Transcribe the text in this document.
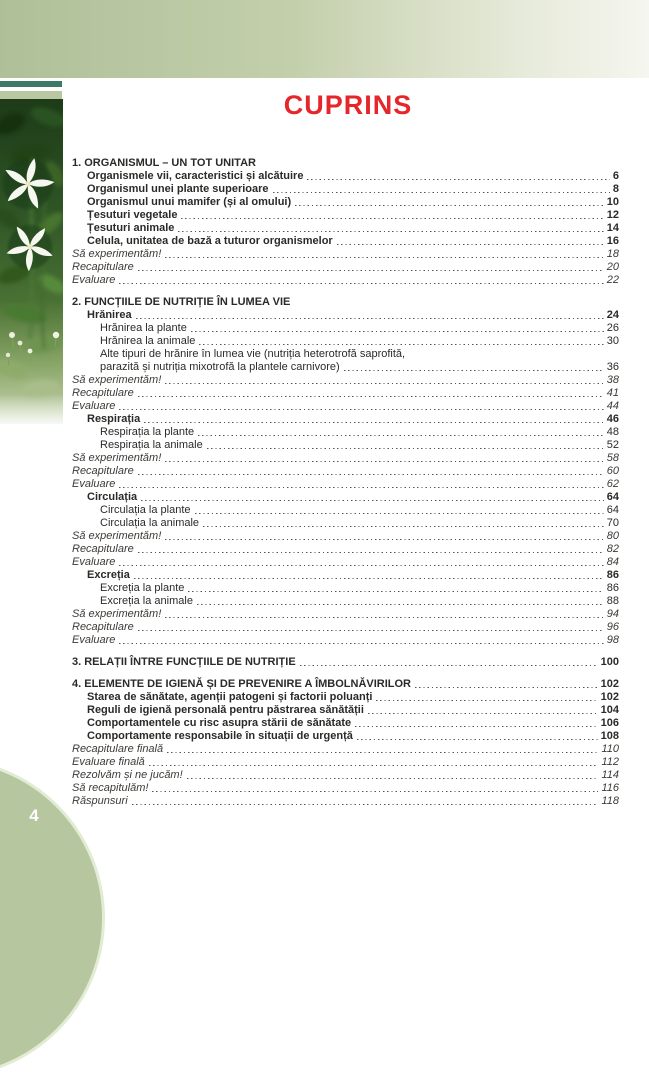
CUPRINS
1. ORGANISMUL – UN TOT UNITAR
Organismele vii, caracteristici și alcătuire	6
Organismul unei plante superioare	8
Organismul unui mamifer (și al omului)	10
Țesuturi vegetale	12
Țesuturi animale	14
Celula, unitatea de bază a tuturor organismelor	16
Să experimentăm!	18
Recapitulare	20
Evaluare	22
2. FUNCȚIILE DE NUTRIȚIE ÎN LUMEA VIE
Hrănirea	24
Hrănirea la plante	26
Hrănirea la animale	30
Alte tipuri de hrănire în lumea vie (nutriția heterotrofă saprofită,
parazită și nutriția mixotrofă la plantele carnivore)	36
Să experimentăm!	38
Recapitulare	41
Evaluare	44
Respirația	46
Respirația la plante	48
Respirația la animale	52
Să experimentăm!	58
Recapitulare	60
Evaluare	62
Circulația	64
Circulația la plante	64
Circulația la animale	70
Să experimentăm!	80
Recapitulare	82
Evaluare	84
Excreția	86
Excreția la plante	86
Excreția la animale	88
Să experimentăm!	94
Recapitulare	96
Evaluare	98
3. RELAȚII ÎNTRE FUNCȚIILE DE NUTRIȚIE	100
4. ELEMENTE DE IGIENĂ ȘI DE PREVENIRE A ÎMBOLNĂVIRILOR	102
Starea de sănătate, agenții patogeni și factorii poluanți	102
Reguli de igienă personală pentru păstrarea sănătății	104
Comportamentele cu risc asupra stării de sănătate	106
Comportamente responsabile în situații de urgență	108
Recapitulare finală	110
Evaluare finală	112
Rezolvăm și ne jucăm!	114
Să recapitulăm!	116
Răspunsuri	118
4
